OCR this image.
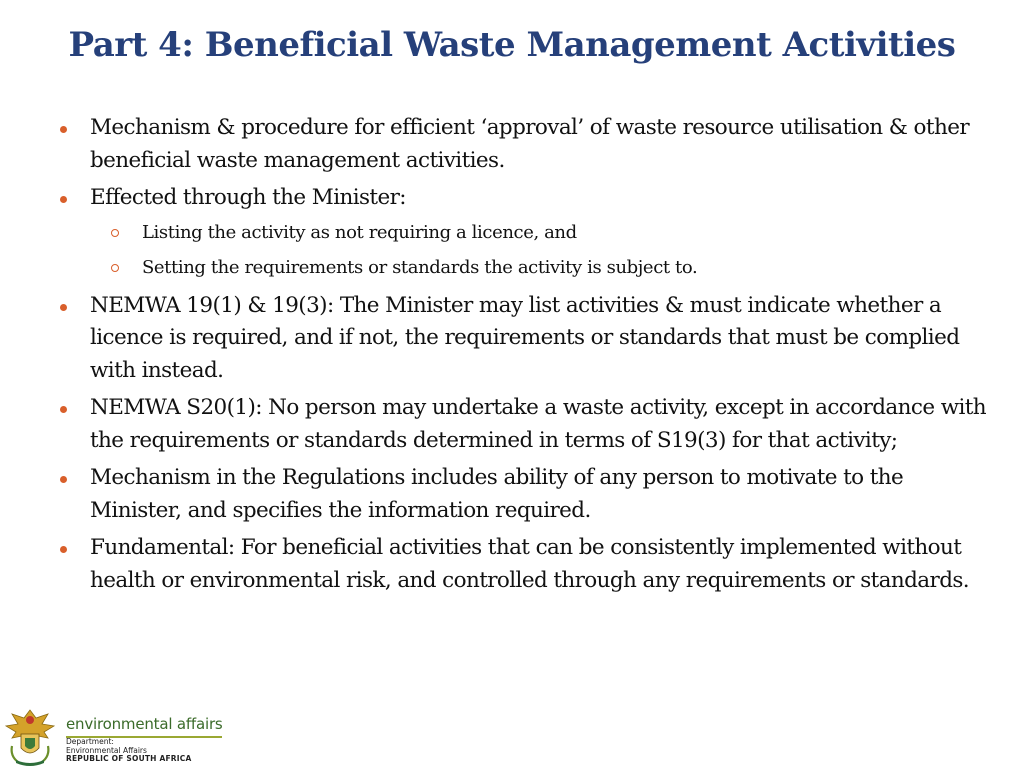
Part 4: Beneficial Waste Management Activities
Mechanism & procedure for efficient ‘approval’ of waste resource utilisation & other beneficial waste management activities.
Effected through the Minister:
Listing the activity as not requiring a licence, and
Setting the requirements or standards the activity is subject to.
NEMWA 19(1) & 19(3): The Minister may list activities & must indicate whether a licence is required, and if not, the requirements or standards that must be complied with instead.
NEMWA S20(1): No person may undertake a waste activity, except in accordance with the requirements or standards determined in terms of S19(3) for that activity;
Mechanism in the Regulations includes ability of any person to motivate to the Minister, and specifies the information required.
Fundamental: For beneficial activities that can be consistently implemented without health or environmental risk, and controlled through any requirements or standards.
environmental affairs
Department:
Environmental Affairs
REPUBLIC OF SOUTH AFRICA
